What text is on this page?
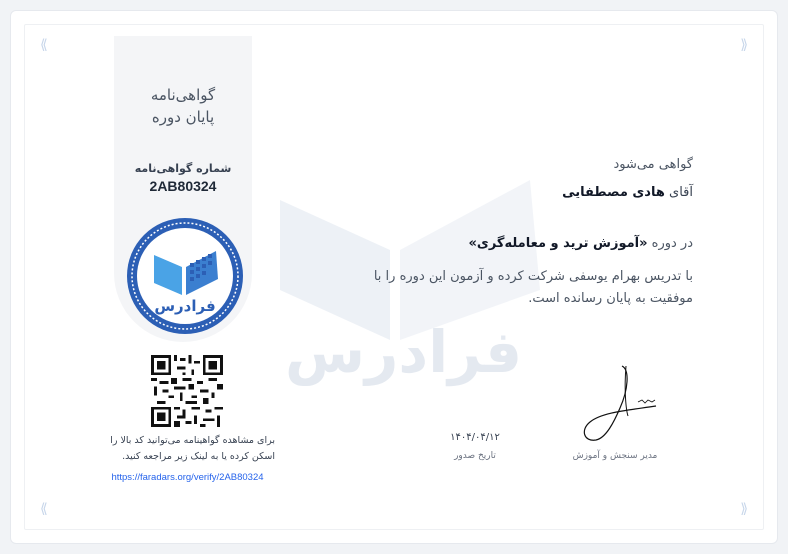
⟪	⟫
⟪	⟫
فرادرس
گواهی‌نامه
پایان دوره
شماره گواهی‌نامه
2AB80324
فرادرس
برای مشاهده گواهینامه می‌توانید کد بالا را اسکن کرده یا به لینک زیر مراجعه کنید.
https://faradars.org/verify/2AB80324
گواهی می‌شود
آقای هادی مصطفایی
در دوره «آموزش ترید و معامله‌گری»
با تدریس بهرام یوسفی شرکت کرده و آزمون این دوره را با موفقیت به پایان رسانده است.
مدیر سنجش و آموزش
۱۴۰۴/۰۴/۱۲
تاریخ صدور
